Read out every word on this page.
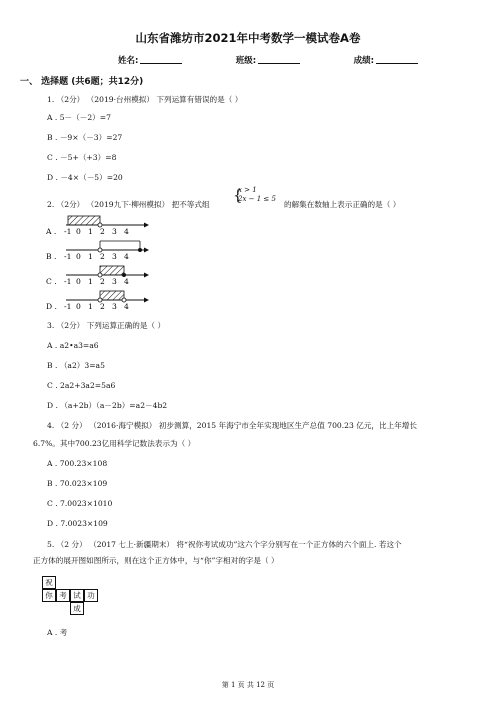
山东省潍坊市2021年中考数学一模试卷A卷
姓名:	班级:	成绩:
一、 选择题 (共6题；共12分)
1. （2分） （2019·台州模拟） 下列运算有错误的是（ ）
A . 5－（－2）=7
B . －9×（－3）=27
C . －5+（+3）=8
D . －4×（－5）=20
2. （2分） （2019九下·柳州模拟） 把不等式组
{
x > 1
2x − 1 ≤ 5
的解集在数轴上表示正确的是（ ）
A . -1 0 1 2 3 4
B . -1 0 1 2 3 4
C . -1 0 1 2 3 4
D . -1 0 1 2 3 4
3. （2分） 下列运算正确的是（ ）
A . a2•a3=a6
B . （a2）3=a5
C . 2a2+3a2=5a6
D . （a+2b）（a－2b）=a2－4b2
4. （2 分） （2016·海宁模拟） 初步测算，2015 年海宁市全年实现地区生产总值 700.23 亿元，比上年增长
6.7%。其中700.23亿用科学记数法表示为（ ）
A . 700.23×108
B . 70.023×109
C . 7.0023×1010
D . 7.0023×109
5. （2 分） （2017 七上·新疆期末） 将“祝你考试成功”这六个字分别写在一个正方体的六个面上. 若这个
正方体的展开图如图所示，则在这个正方体中，与“你”字相对的字是（ ）
祝
你 考 试 功
成
A . 考
第 1 页 共 12 页
